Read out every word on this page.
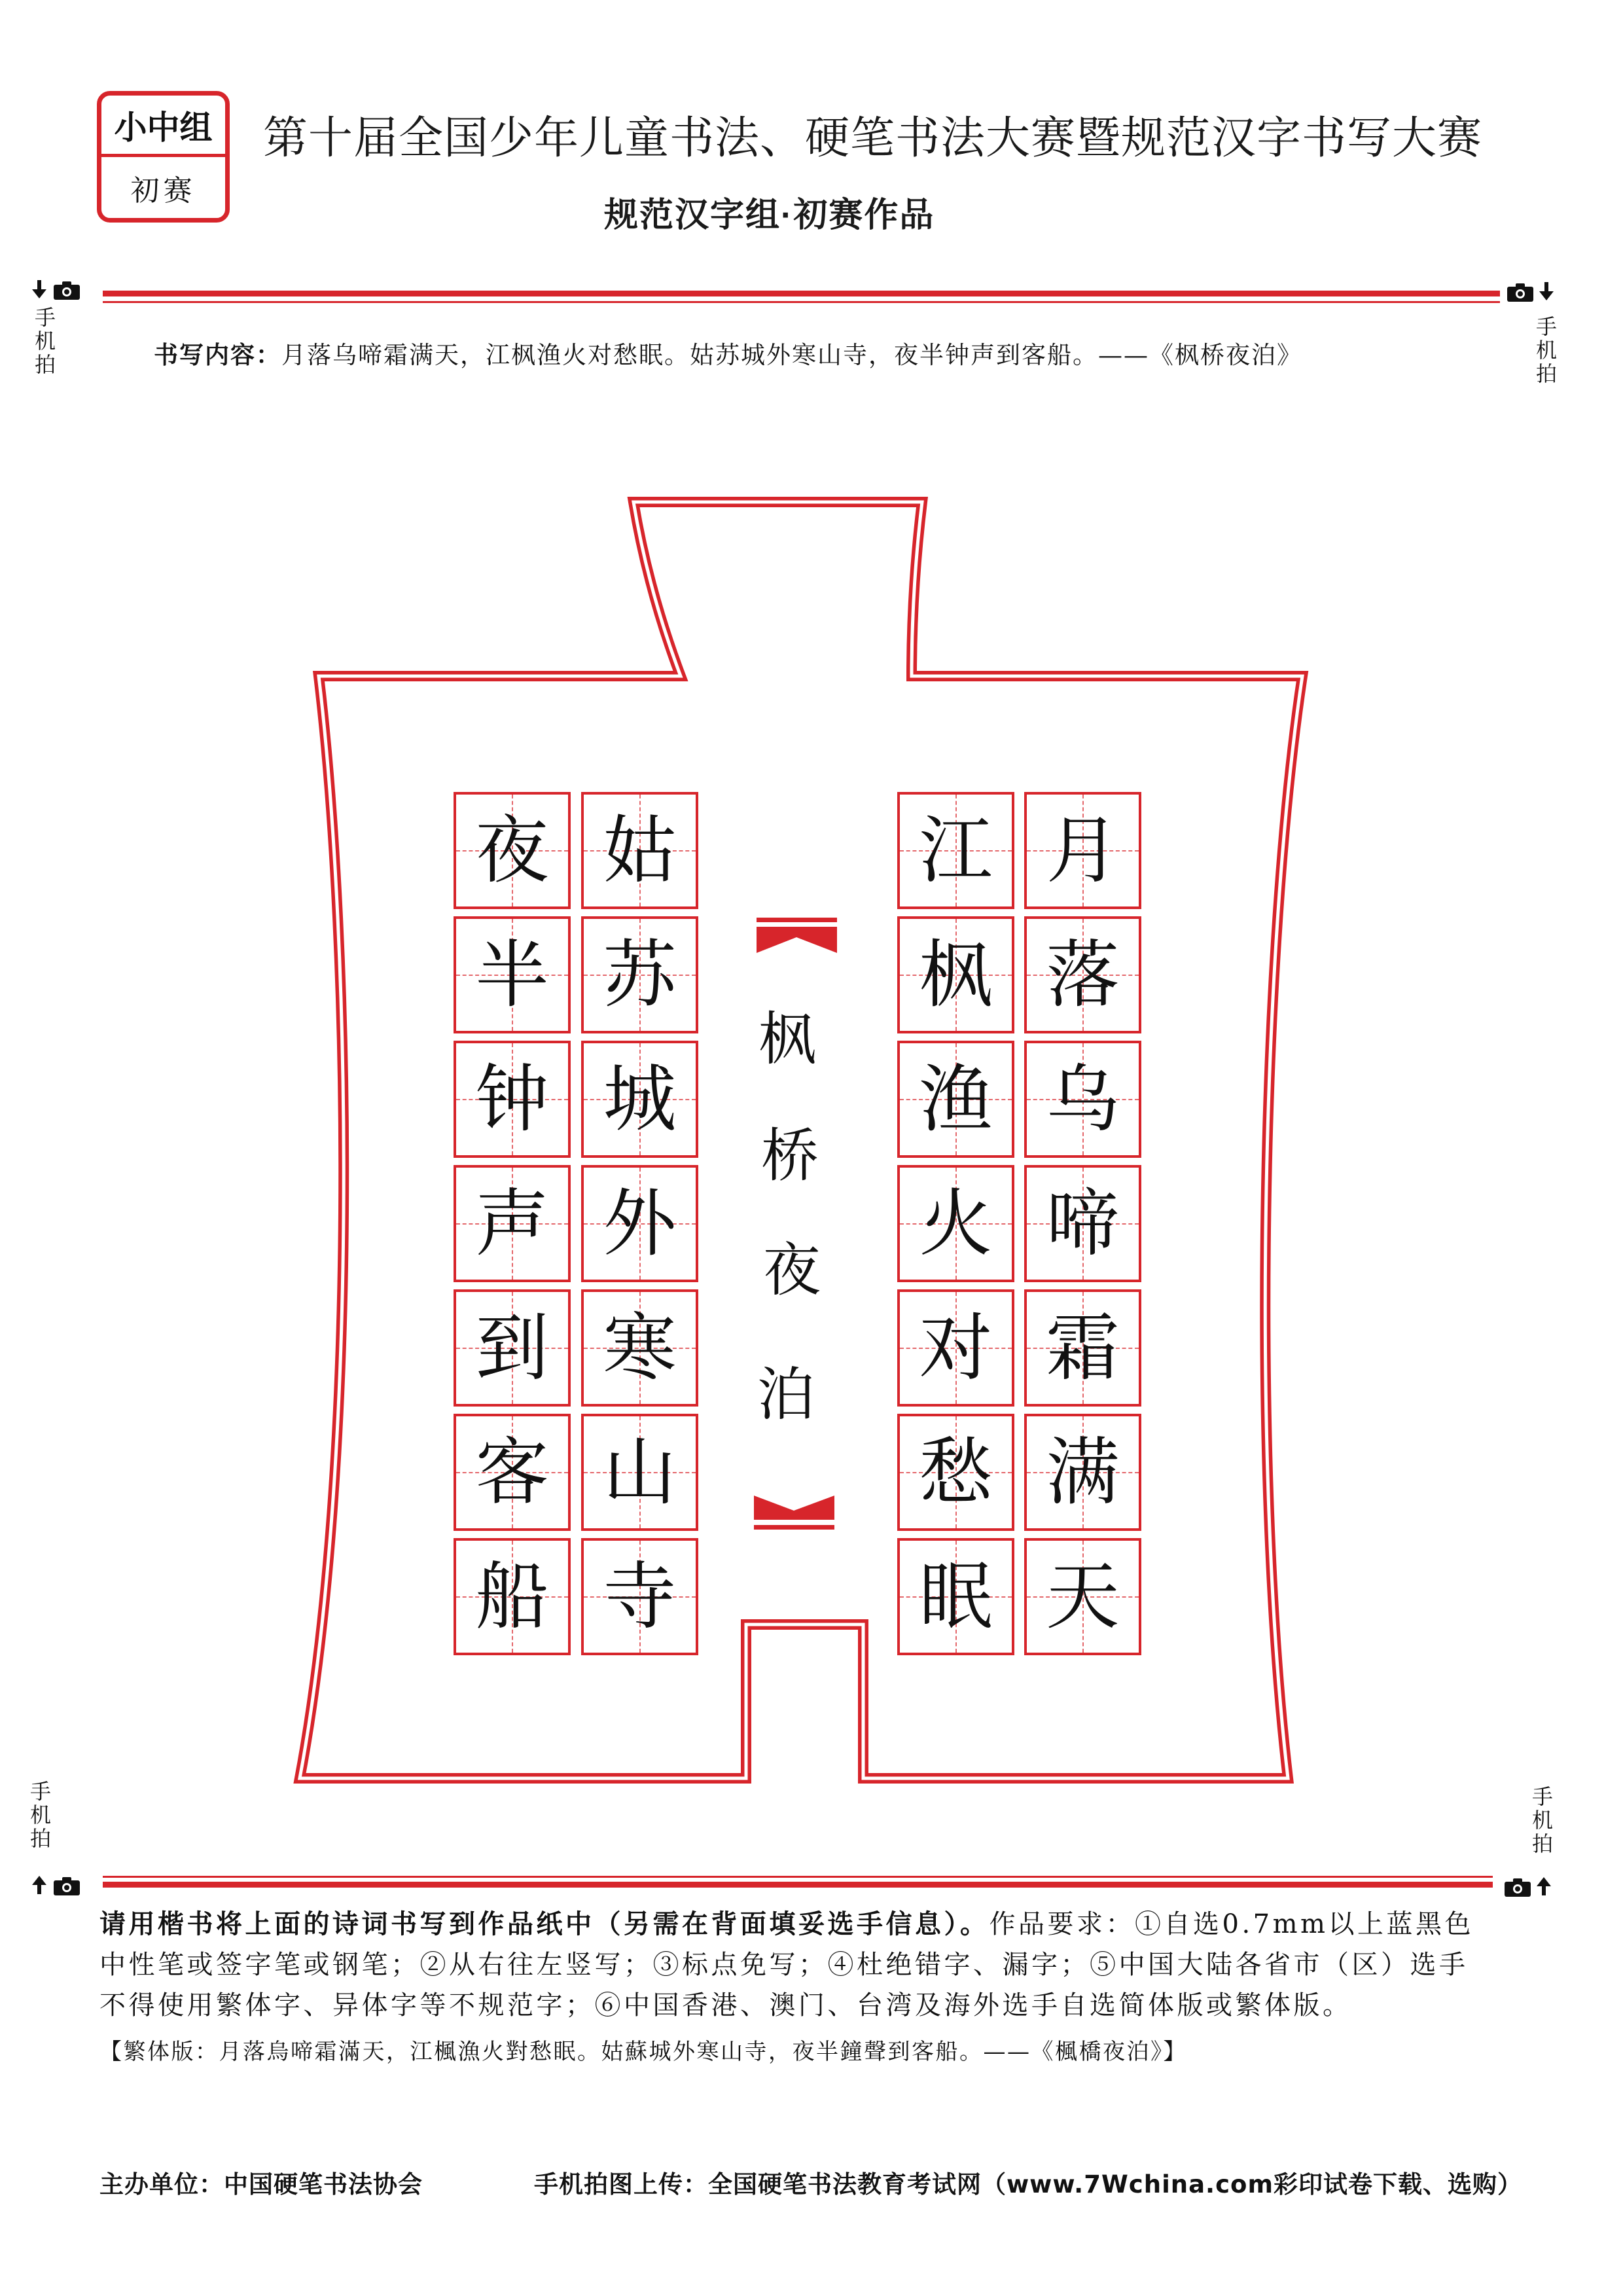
小中组
初赛
第十届全国少年儿童书法、硬笔书法大赛暨规范汉字书写大赛
规范汉字组·初赛作品
手机拍	手机拍
书写内容：月落乌啼霜满天，江枫渔火对愁眠。姑苏城外寒山寺，夜半钟声到客船。——《枫桥夜泊》
枫
桥
夜
泊
月
落
乌
啼
霜
满
天
江
枫
渔
火
对
愁
眠
姑
苏
城
外
寒
山
寺
夜
半
钟
声
到
客
船
手机拍	手机拍
请用楷书将上面的诗词书写到作品纸中（另需在背面填妥选手信息）。作品要求：①自选0.7mm以上蓝黑色
中性笔或签字笔或钢笔；②从右往左竖写；③标点免写；④杜绝错字、漏字；⑤中国大陆各省市（区）选手
不得使用繁体字、异体字等不规范字；⑥中国香港、澳门、台湾及海外选手自选简体版或繁体版。
【繁体版：月落烏啼霜滿天，江楓漁火對愁眠。姑蘇城外寒山寺，夜半鐘聲到客船。——《楓橋夜泊》】
主办单位：中国硬笔书法协会	手机拍图上传：全国硬笔书法教育考试网（www.7Wchina.com彩印试卷下载、选购）
